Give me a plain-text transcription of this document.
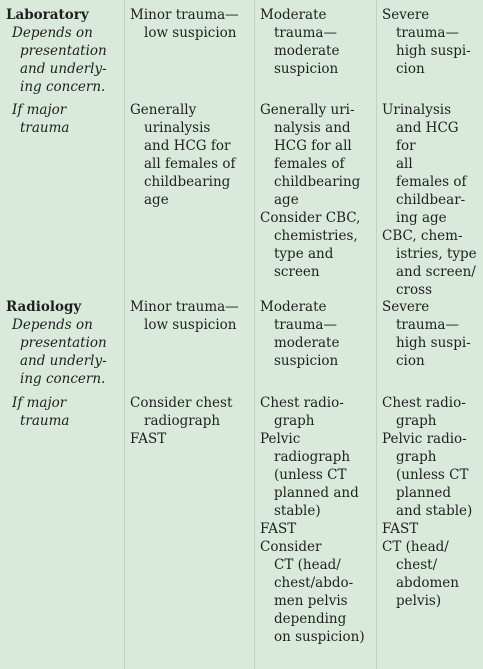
Laboratory
Depends on
presentation
and underly-
ing concern.
If major
trauma
Minor trauma—
low suspicion
Moderate
trauma—
moderate
suspicion
Severe
trauma—
high suspi-
cion
Generally
urinalysis
and HCG for
all females of
childbearing
age
Generally uri-
nalysis and
HCG for all
females of
childbearing
age
Consider CBC,
chemistries,
type and
screen
Urinalysis
and HCG for
all
females of
childbear-
ing age
CBC, chem-
istries, type
and screen/
cross
Radiology
Depends on
presentation
and underly-
ing concern.
If major
trauma
Minor trauma—
low suspicion
Moderate
trauma—
moderate
suspicion
Severe
trauma—
high suspi-
cion
Consider chest
radiograph
FAST
Chest radio-
graph
Pelvic
radiograph
(unless CT
planned and
stable)
FAST
Consider
CT (head/
chest/abdo-
men pelvis
depending
on suspicion)
Chest radio-
graph
Pelvic radio-
graph
(unless CT
planned
and stable)
FAST
CT (head/
chest/
abdomen
pelvis)
